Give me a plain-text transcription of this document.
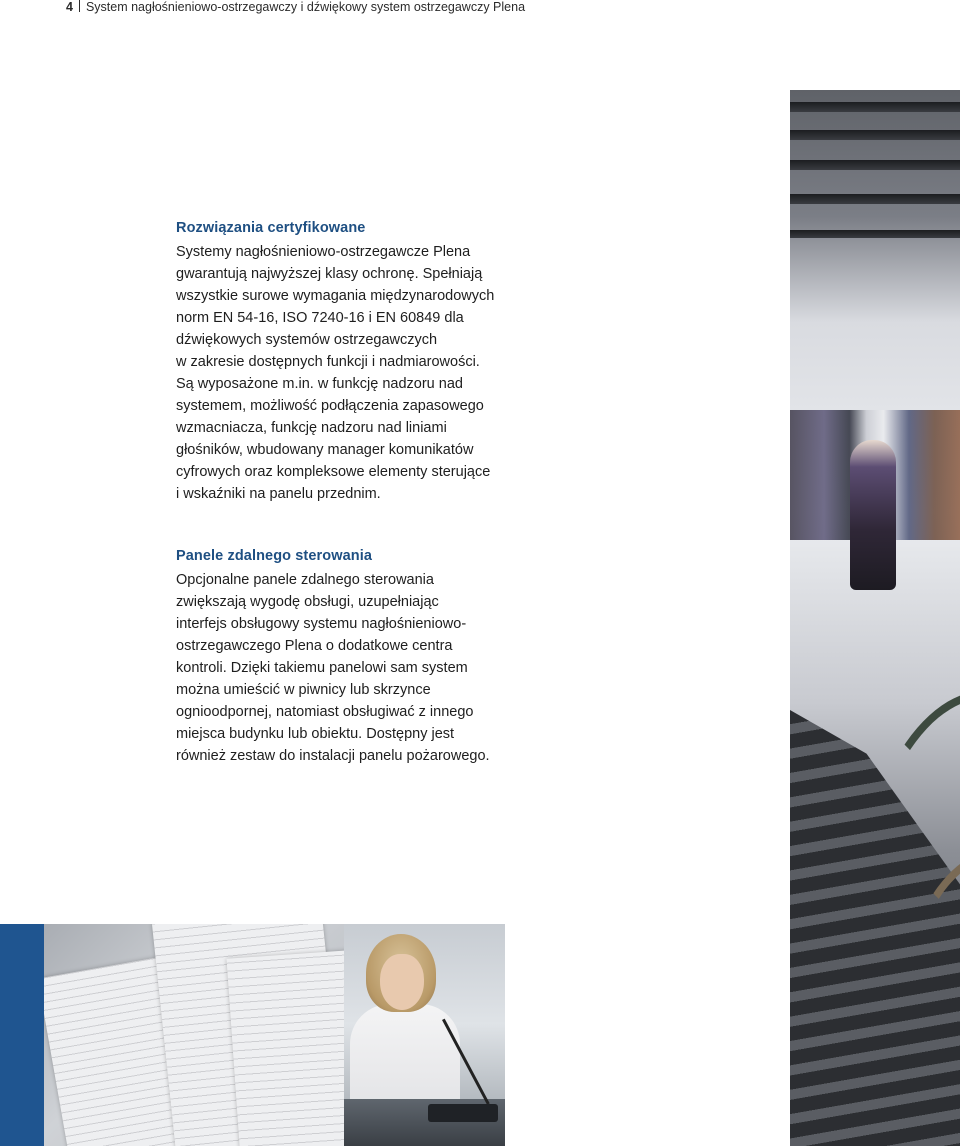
4 System nagłośnieniowo-ostrzegawczy i dźwiękowy system ostrzegawczy Plena
Rozwiązania certyfikowane

Systemy nagłośnieniowo-ostrzegawcze Plena
gwarantują najwyższej klasy ochronę. Spełniają
wszystkie surowe wymagania międzynarodowych
norm EN 54-16, ISO 7240-16 i EN 60849 dla
dźwiękowych systemów ostrzegawczych
w zakresie dostępnych funkcji i nadmiarowości.
Są wyposażone m.in. w funkcję nadzoru nad
systemem, możliwość podłączenia zapasowego
wzmacniacza, funkcję nadzoru nad liniami
głośników, wbudowany manager komunikatów
cyfrowych oraz kompleksowe elementy sterujące
i wskaźniki na panelu przednim.

Panele zdalnego sterowania

Opcjonalne panele zdalnego sterowania
zwiększają wygodę obsługi, uzupełniając
interfejs obsługowy systemu nagłośnieniowo-
ostrzegawczego Plena o dodatkowe centra
kontroli. Dzięki takiemu panelowi sam system
można umieścić w piwnicy lub skrzynce
ognioodpornej, natomiast obsługiwać z innego
miejsca budynku lub obiektu. Dostępny jest
również zestaw do instalacji panelu pożarowego.
